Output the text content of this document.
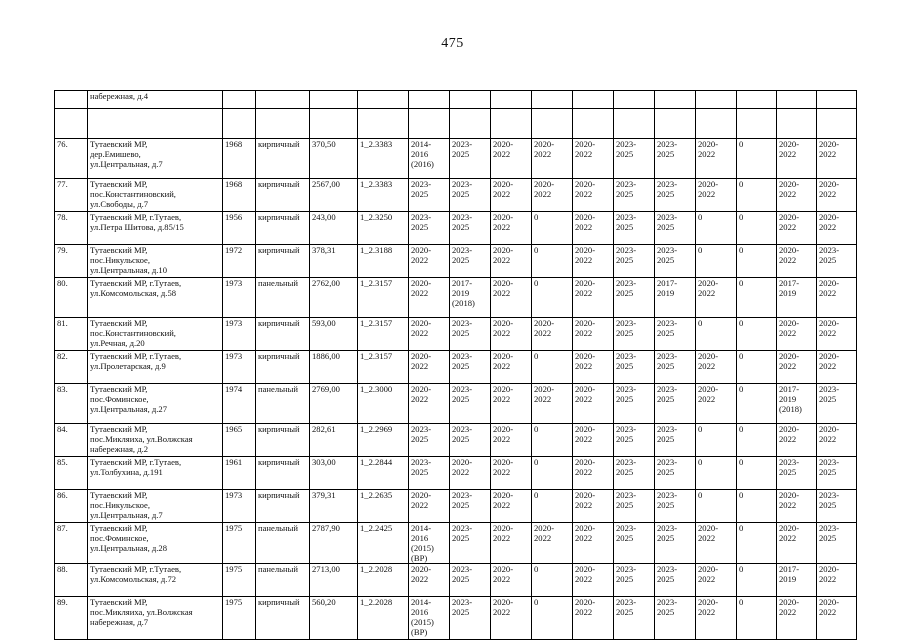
475
	набережная, д.4															

76.	Тутаевский МР,
дер.Емишево,
ул.Центральная, д.7	1968	кирпичный	370,50	1_2.3383	2014-
2016
(2016)	2023-
2025	2020-
2022	2020-
2022	2020-
2022	2023-
2025	2023-
2025	2020-
2022	0	2020-
2022	2020-
2022
77.	Тутаевский МР,
пос.Константиновский,
ул.Свободы, д.7	1968	кирпичный	2567,00	1_2.3383	2023-
2025	2023-
2025	2020-
2022	2020-
2022	2020-
2022	2023-
2025	2023-
2025	2020-
2022	0	2020-
2022	2020-
2022
78.	Тутаевский МР, г.Тутаев,
ул.Петра Шитова, д.85/15	1956	кирпичный	243,00	1_2.3250	2023-
2025	2023-
2025	2020-
2022	0	2020-
2022	2023-
2025	2023-
2025	0	0	2020-
2022	2020-
2022
79.	Тутаевский МР,
пос.Никульское,
ул.Центральная, д.10	1972	кирпичный	378,31	1_2.3188	2020-
2022	2023-
2025	2020-
2022	0	2020-
2022	2023-
2025	2023-
2025	0	0	2020-
2022	2023-
2025
80.	Тутаевский МР, г.Тутаев,
ул.Комсомольская, д.58	1973	панельный	2762,00	1_2.3157	2020-
2022	2017-
2019
(2018)	2020-
2022	0	2020-
2022	2023-
2025	2017-
2019	2020-
2022	0	2017-
2019	2020-
2022
81.	Тутаевский МР,
пос.Константиновский,
ул.Речная, д.20	1973	кирпичный	593,00	1_2.3157	2020-
2022	2023-
2025	2020-
2022	2020-
2022	2020-
2022	2023-
2025	2023-
2025	0	0	2020-
2022	2020-
2022
82.	Тутаевский МР, г.Тутаев,
ул.Пролетарская, д.9	1973	кирпичный	1886,00	1_2.3157	2020-
2022	2023-
2025	2020-
2022	0	2020-
2022	2023-
2025	2023-
2025	2020-
2022	0	2020-
2022	2020-
2022
83.	Тутаевский МР,
пос.Фоминское,
ул.Центральная, д.27	1974	панельный	2769,00	1_2.3000	2020-
2022	2023-
2025	2020-
2022	2020-
2022	2020-
2022	2023-
2025	2023-
2025	2020-
2022	0	2017-
2019
(2018)	2023-
2025
84.	Тутаевский МР,
пос.Микляиха, ул.Волжская
набережная, д.2	1965	кирпичный	282,61	1_2.2969	2023-
2025	2023-
2025	2020-
2022	0	2020-
2022	2023-
2025	2023-
2025	0	0	2020-
2022	2020-
2022
85.	Тутаевский МР, г.Тутаев,
ул.Толбухина, д.191	1961	кирпичный	303,00	1_2.2844	2023-
2025	2020-
2022	2020-
2022	0	2020-
2022	2023-
2025	2023-
2025	0	0	2023-
2025	2023-
2025
86.	Тутаевский МР,
пос.Никульское,
ул.Центральная, д.7	1973	кирпичный	379,31	1_2.2635	2020-
2022	2023-
2025	2020-
2022	0	2020-
2022	2023-
2025	2023-
2025	0	0	2020-
2022	2023-
2025
87.	Тутаевский МР,
пос.Фоминское,
ул.Центральная, д.28	1975	панельный	2787,90	1_2.2425	2014-
2016
(2015)
(ВР)	2023-
2025	2020-
2022	2020-
2022	2020-
2022	2023-
2025	2023-
2025	2020-
2022	0	2020-
2022	2023-
2025
88.	Тутаевский МР, г.Тутаев,
ул.Комсомольская, д.72	1975	панельный	2713,00	1_2.2028	2020-
2022	2023-
2025	2020-
2022	0	2020-
2022	2023-
2025	2023-
2025	2020-
2022	0	2017-
2019	2020-
2022
89.	Тутаевский МР,
пос.Микляиха, ул.Волжская
набережная, д.7	1975	кирпичный	560,20	1_2.2028	2014-
2016
(2015)
(ВР)	2023-
2025	2020-
2022	0	2020-
2022	2023-
2025	2023-
2025	2020-
2022	0	2020-
2022	2020-
2022
